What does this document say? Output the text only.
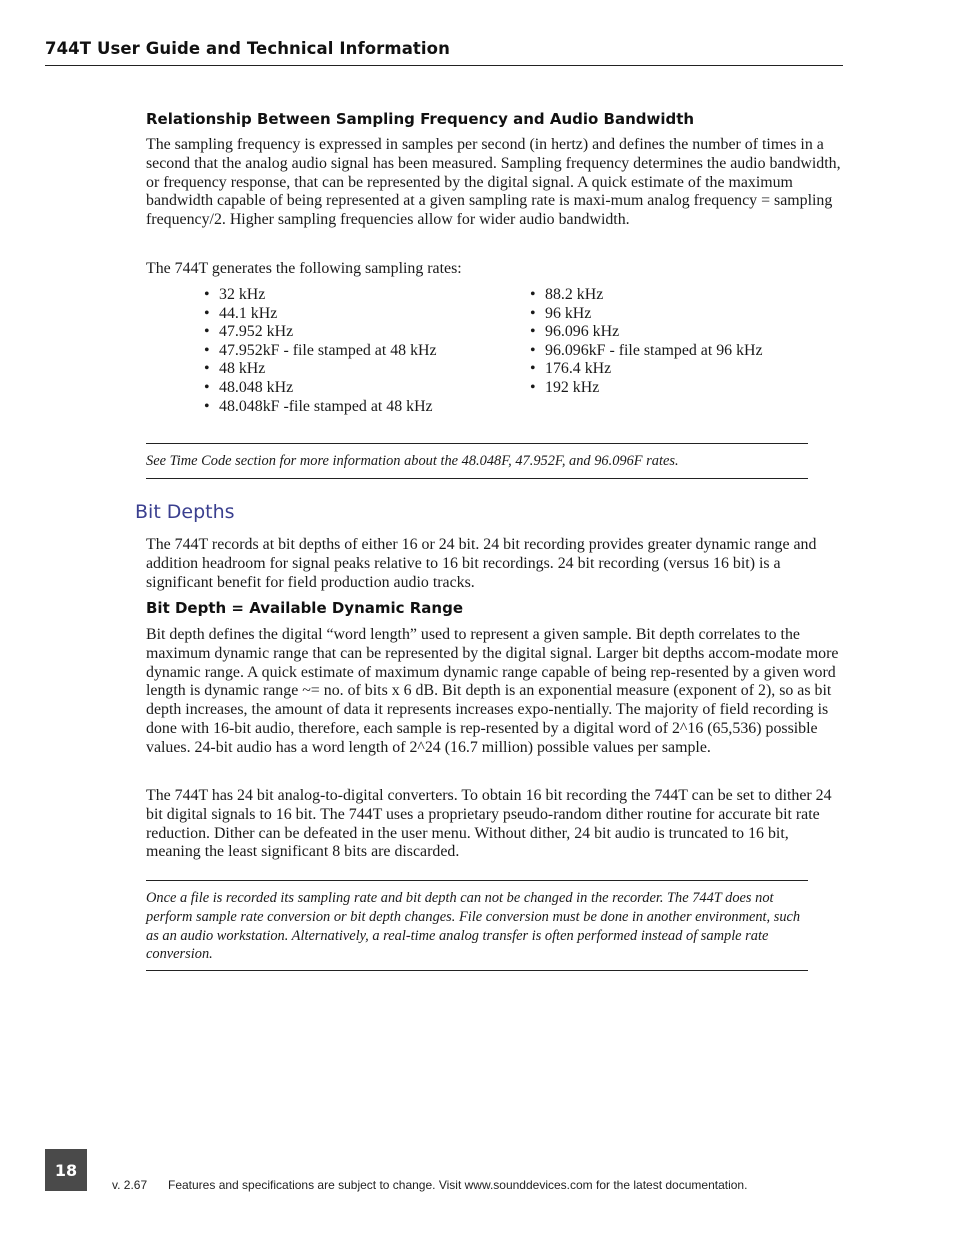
744T User Guide and Technical Information
Relationship Between Sampling Frequency and Audio Bandwidth

The sampling frequency is expressed in samples per second (in hertz) and defines the number of times in a second that the analog audio signal has been measured. Sampling frequency determines the audio bandwidth, or frequency response, that can be represented by the digital signal. A quick estimate of the maximum bandwidth capable of being represented at a given sampling rate is maxi-mum analog frequency = sampling frequency/2. Higher sampling frequencies allow for wider audio bandwidth.

The 744T generates the following sampling rates:

• 32 kHz
• 44.1 kHz
• 47.952 kHz
• 47.952kF - file stamped at 48 kHz
• 48 kHz
• 48.048 kHz
• 48.048kF -file stamped at 48 kHz
• 88.2 kHz
• 96 kHz
• 96.096 kHz
• 96.096kF - file stamped at 96 kHz
• 176.4 kHz
• 192 kHz
See Time Code section for more information about the 48.048F, 47.952F, and 96.096F rates.
Bit Depths

The 744T records at bit depths of either 16 or 24 bit. 24 bit recording provides greater dynamic range and addition headroom for signal peaks relative to 16 bit recordings. 24 bit recording (versus 16 bit) is a significant benefit for field production audio tracks.

Bit Depth = Available Dynamic Range

Bit depth defines the digital “word length” used to represent a given sample. Bit depth correlates to the maximum dynamic range that can be represented by the digital signal. Larger bit depths accom-modate more dynamic range. A quick estimate of maximum dynamic range capable of being rep-resented by a given word length is dynamic range ~= no. of bits x 6 dB. Bit depth is an exponential measure (exponent of 2), so as bit depth increases, the amount of data it represents increases expo-nentially. The majority of field recording is done with 16-bit audio, therefore, each sample is rep-resented by a digital word of 2^16 (65,536) possible values. 24-bit audio has a word length of 2^24 (16.7 million) possible values per sample.

The 744T has 24 bit analog-to-digital converters. To obtain 16 bit recording the 744T can be set to dither 24 bit digital signals to 16 bit. The 744T uses a proprietary pseudo-random dither routine for accurate bit rate reduction. Dither can be defeated in the user menu. Without dither, 24 bit audio is truncated to 16 bit, meaning the least significant 8 bits are discarded.

Once a file is recorded its sampling rate and bit depth can not be changed in the recorder. The 744T does not perform sample rate conversion or bit depth changes. File conversion must be done in another environment, such as an audio workstation. Alternatively, a real-time analog transfer is often performed instead of sample rate conversion.
18
v. 2.67 Features and specifications are subject to change. Visit www.sounddevices.com for the latest documentation.
